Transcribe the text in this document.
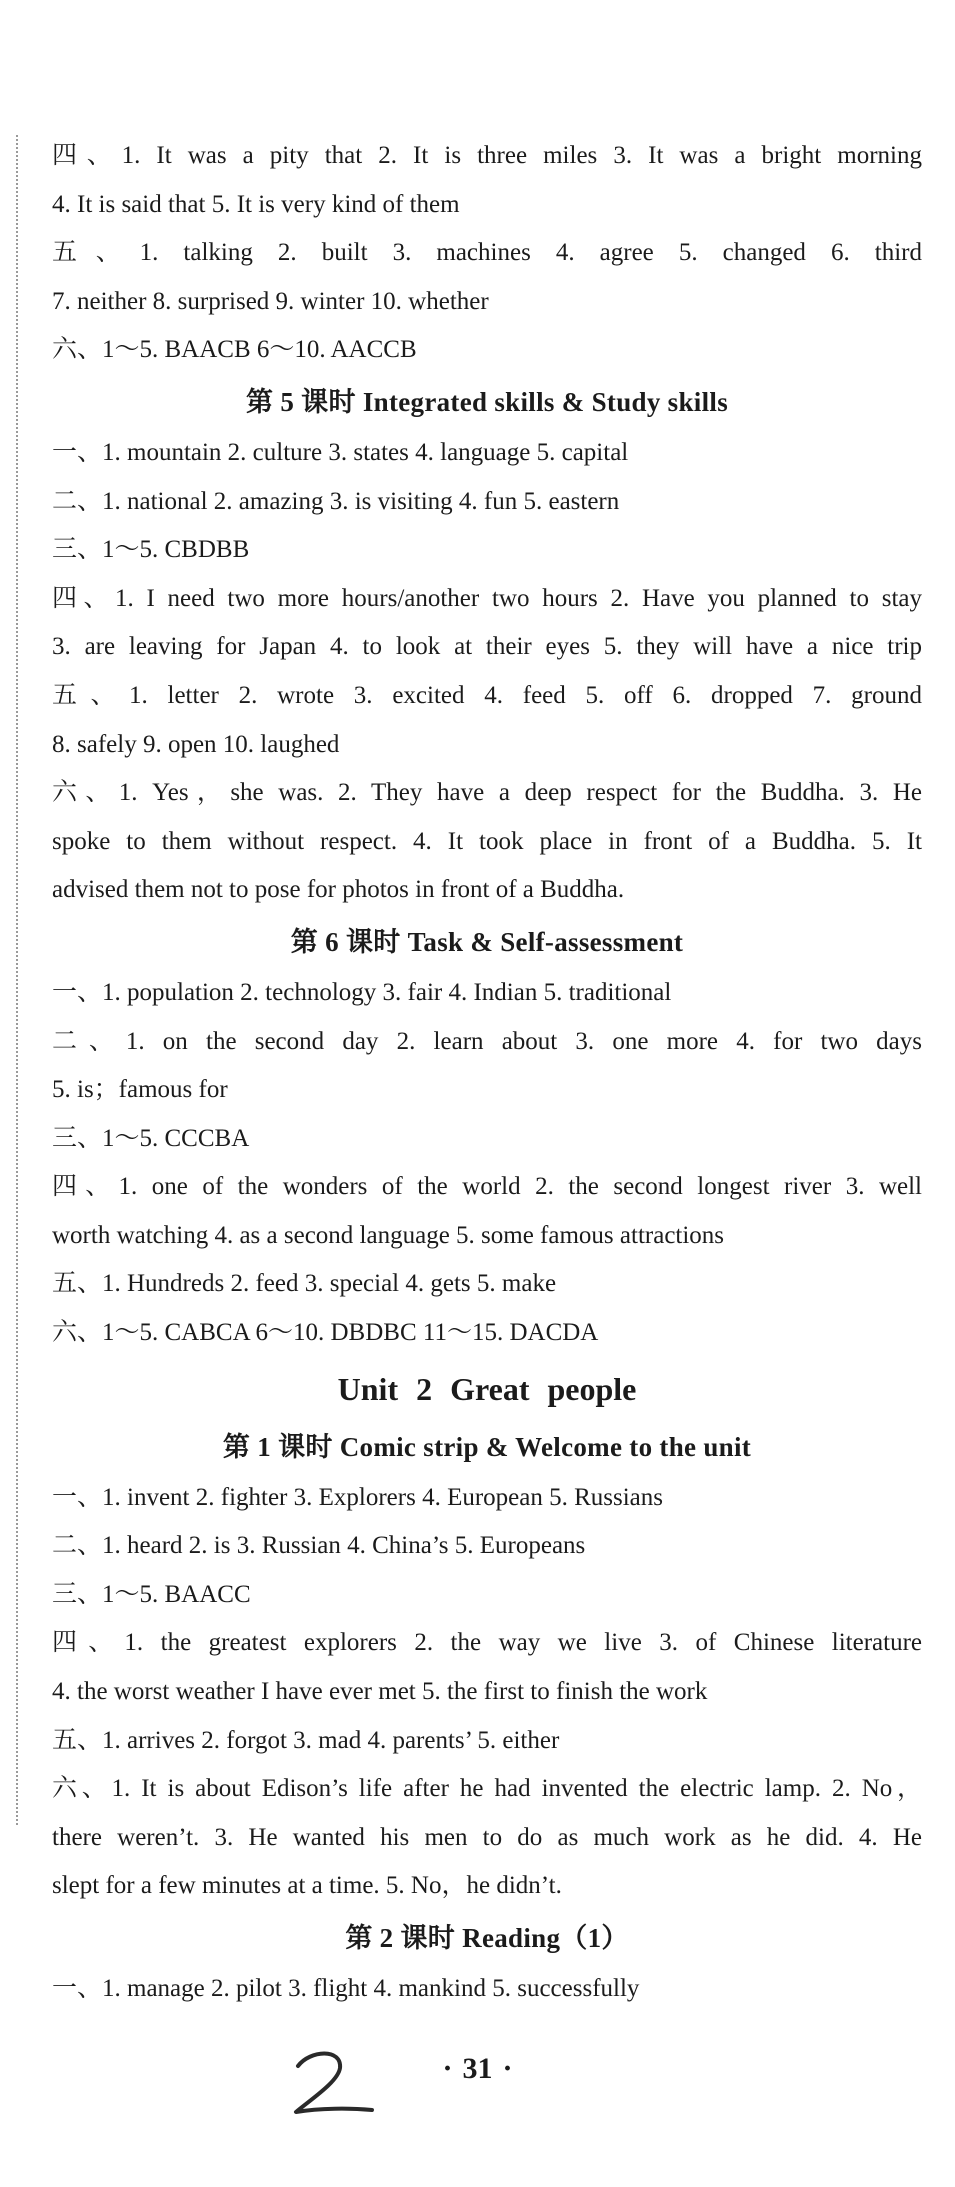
四、1. It was a pity that 2. It is three miles 3. It was a bright morning
4. It is said that 5. It is very kind of them
五、1. talking 2. built 3. machines 4. agree 5. changed 6. third
7. neither 8. surprised 9. winter 10. whether
六、1～5. BAACB 6～10. AACCB
第 5 课时 Integrated skills & Study skills
一、1. mountain 2. culture 3. states 4. language 5. capital
二、1. national 2. amazing 3. is visiting 4. fun 5. eastern
三、1～5. CBDBB
四、1. I need two more hours/another two hours 2. Have you planned to stay
3. are leaving for Japan 4. to look at their eyes 5. they will have a nice trip
五、1. letter 2. wrote 3. excited 4. feed 5. off 6. dropped 7. ground
8. safely 9. open 10. laughed
六、1. Yes，she was. 2. They have a deep respect for the Buddha. 3. He
spoke to them without respect. 4. It took place in front of a Buddha. 5. It
advised them not to pose for photos in front of a Buddha.
第 6 课时 Task & Self-assessment
一、1. population 2. technology 3. fair 4. Indian 5. traditional
二、1. on the second day 2. learn about 3. one more 4. for two days
5. is；famous for
三、1～5. CCCBA
四、1. one of the wonders of the world 2. the second longest river 3. well
worth watching 4. as a second language 5. some famous attractions
五、1. Hundreds 2. feed 3. special 4. gets 5. make
六、1～5. CABCA 6～10. DBDBC 11～15. DACDA
Unit 2 Great people
第 1 课时 Comic strip & Welcome to the unit
一、1. invent 2. fighter 3. Explorers 4. European 5. Russians
二、1. heard 2. is 3. Russian 4. China’s 5. Europeans
三、1～5. BAACC
四、1. the greatest explorers 2. the way we live 3. of Chinese literature
4. the worst weather I have ever met 5. the first to finish the work
五、1. arrives 2. forgot 3. mad 4. parents’ 5. either
六、1. It is about Edison’s life after he had invented the electric lamp. 2. No，
there weren’t. 3. He wanted his men to do as much work as he did. 4. He
slept for a few minutes at a time. 5. No，he didn’t.
第 2 课时 Reading（1）
一、1. manage 2. pilot 3. flight 4. mankind 5. successfully
· 31 ·
